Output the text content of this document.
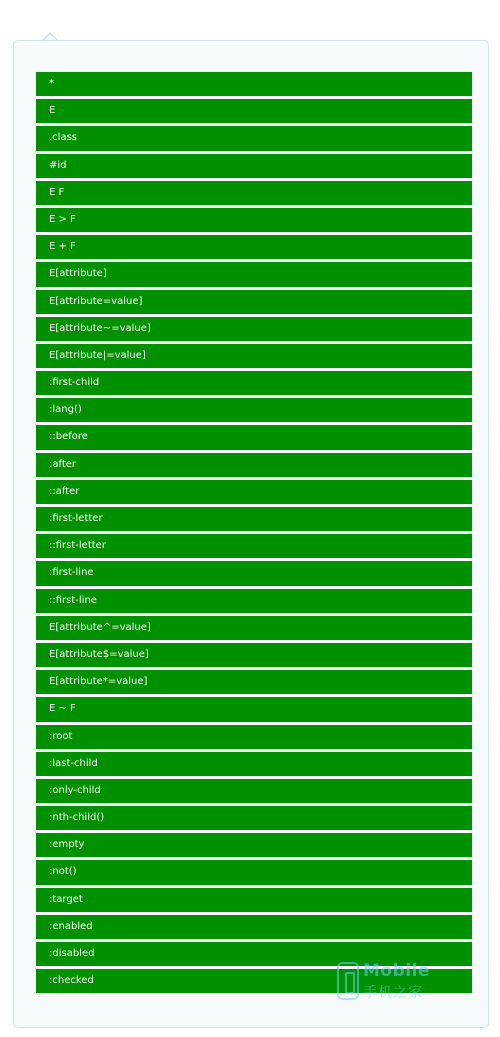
*
E
.class
#id
E F
E > F
E + F
E[attribute]
E[attribute=value]
E[attribute~=value]
E[attribute|=value]
:first-child
:lang()
::before
:after
::after
:first-letter
::first-letter
:first-line
::first-line
E[attribute^=value]
E[attribute$=value]
E[attribute*=value]
E ~ F
:root
:last-child
:only-child
:nth-child()
:empty
:not()
:target
:enabled
:disabled
:checked	Mobile
手机之家
